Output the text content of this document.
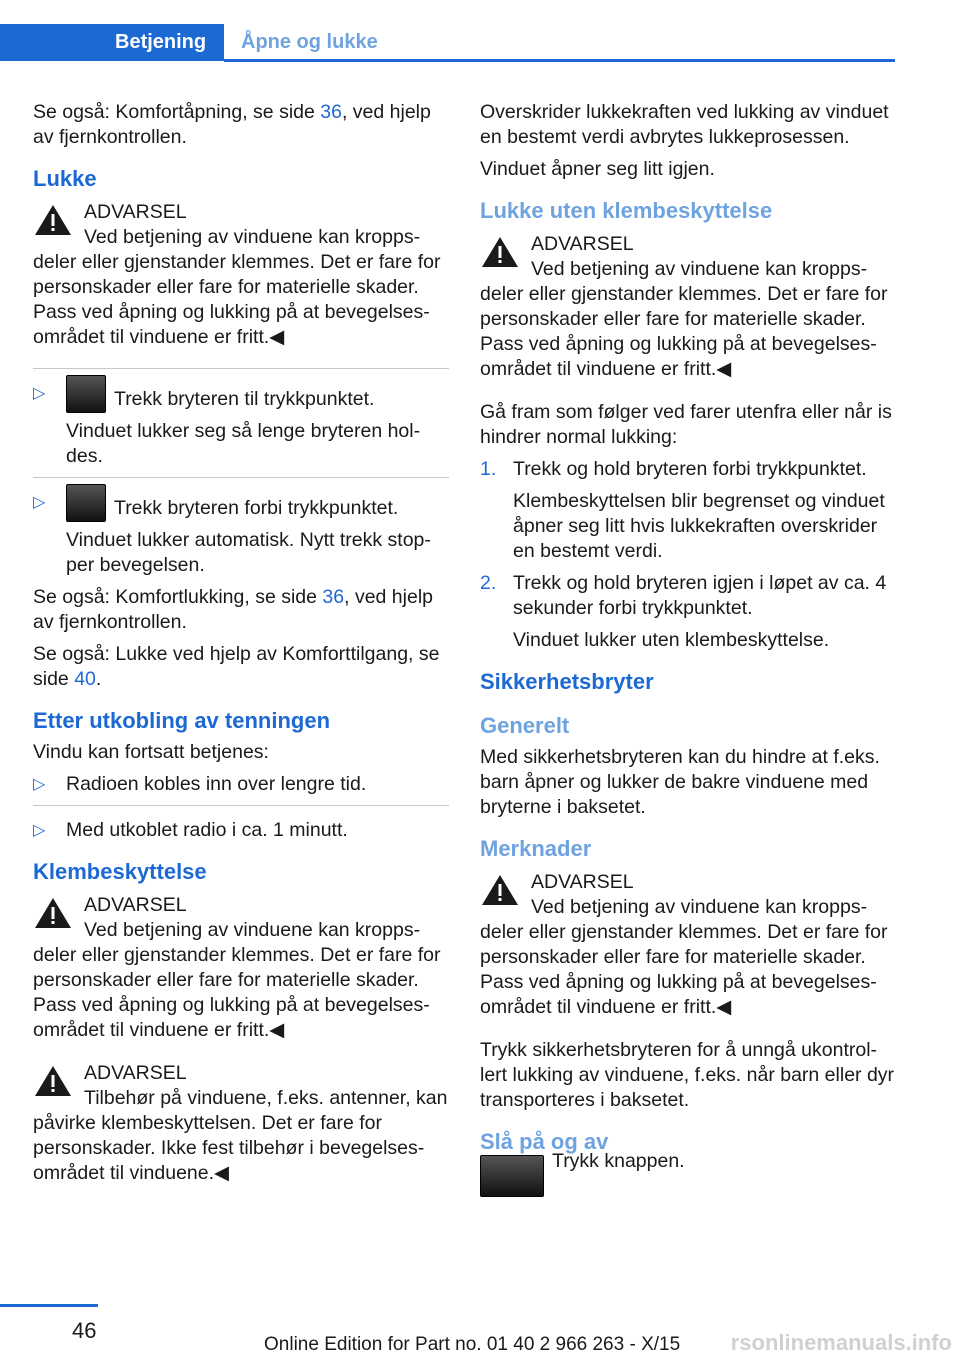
Betjening Åpne og lukke

Se også: Komfortåpning, se side 36, ved hjelp av fjernkontrollen.

Lukke
ADVARSEL
Ved betjening av vinduene kan kroppsdeler eller gjenstander klemmes. Det er fare for personskader eller fare for materielle skader. Pass ved åpning og lukking på at bevegelsesområdet til vinduene er fritt.◀
▷	Trekk bryteren til trykkpunktet.

Vinduet lukker seg så lenge bryteren holdes.

▷	Trekk bryteren forbi trykkpunktet.

Vinduet lukker automatisk. Nytt trekk stopper bevegelsen.

Se også: Komfortlukking, se side 36, ved hjelp av fjernkontrollen.

Se også: Lukke ved hjelp av Komforttilgang, se side 40.

Etter utkobling av tenningen

Vindu kan fortsatt betjenes:

▷ Radioen kobles inn over lengre tid.
▷ Med utkoblet radio i ca. 1 minutt.
Klembeskyttelse
ADVARSEL
Ved betjening av vinduene kan kroppsdeler eller gjenstander klemmes. Det er fare for personskader eller fare for materielle skader. Pass ved åpning og lukking på at bevegelsesområdet til vinduene er fritt.◀
ADVARSEL
Tilbehør på vinduene, f.eks. antenner, kan påvirke klembeskyttelsen. Det er fare for personskader. Ikke fest tilbehør i bevegelsesområdet til vinduene.◀

Overskrider lukkekraften ved lukking av vinduet en bestemt verdi avbrytes lukkeprosessen.

Vinduet åpner seg litt igjen.

Lukke uten klembeskyttelse
ADVARSEL
Ved betjening av vinduene kan kroppsdeler eller gjenstander klemmes. Det er fare for personskader eller fare for materielle skader. Pass ved åpning og lukking på at bevegelsesområdet til vinduene er fritt.◀

Gå fram som følger ved farer utenfra eller når is hindrer normal lukking:

1. Trekk og hold bryteren forbi trykkpunktet.

Klembeskyttelsen blir begrenset og vinduet åpner seg litt hvis lukkekraften overskrider en bestemt verdi.

2. Trekk og hold bryteren igjen i løpet av ca. 4 sekunder forbi trykkpunktet.

Vinduet lukker uten klembeskyttelse.

Sikkerhetsbryter
Generelt

Med sikkerhetsbryteren kan du hindre at f.eks. barn åpner og lukker de bakre vinduene med bryterne i baksetet.

Merknader
ADVARSEL
Ved betjening av vinduene kan kroppsdeler eller gjenstander klemmes. Det er fare for personskader eller fare for materielle skader. Pass ved åpning og lukking på at bevegelsesområdet til vinduene er fritt.◀

Trykk sikkerhetsbryteren for å unngå ukontrollert lukking av vinduene, f.eks. når barn eller dyr transporteres i baksetet.

Slå på og av
Trykk knappen.
46
Online Edition for Part no. 01 40 2 966 263 - X/15 rsonlinemanuals.info
